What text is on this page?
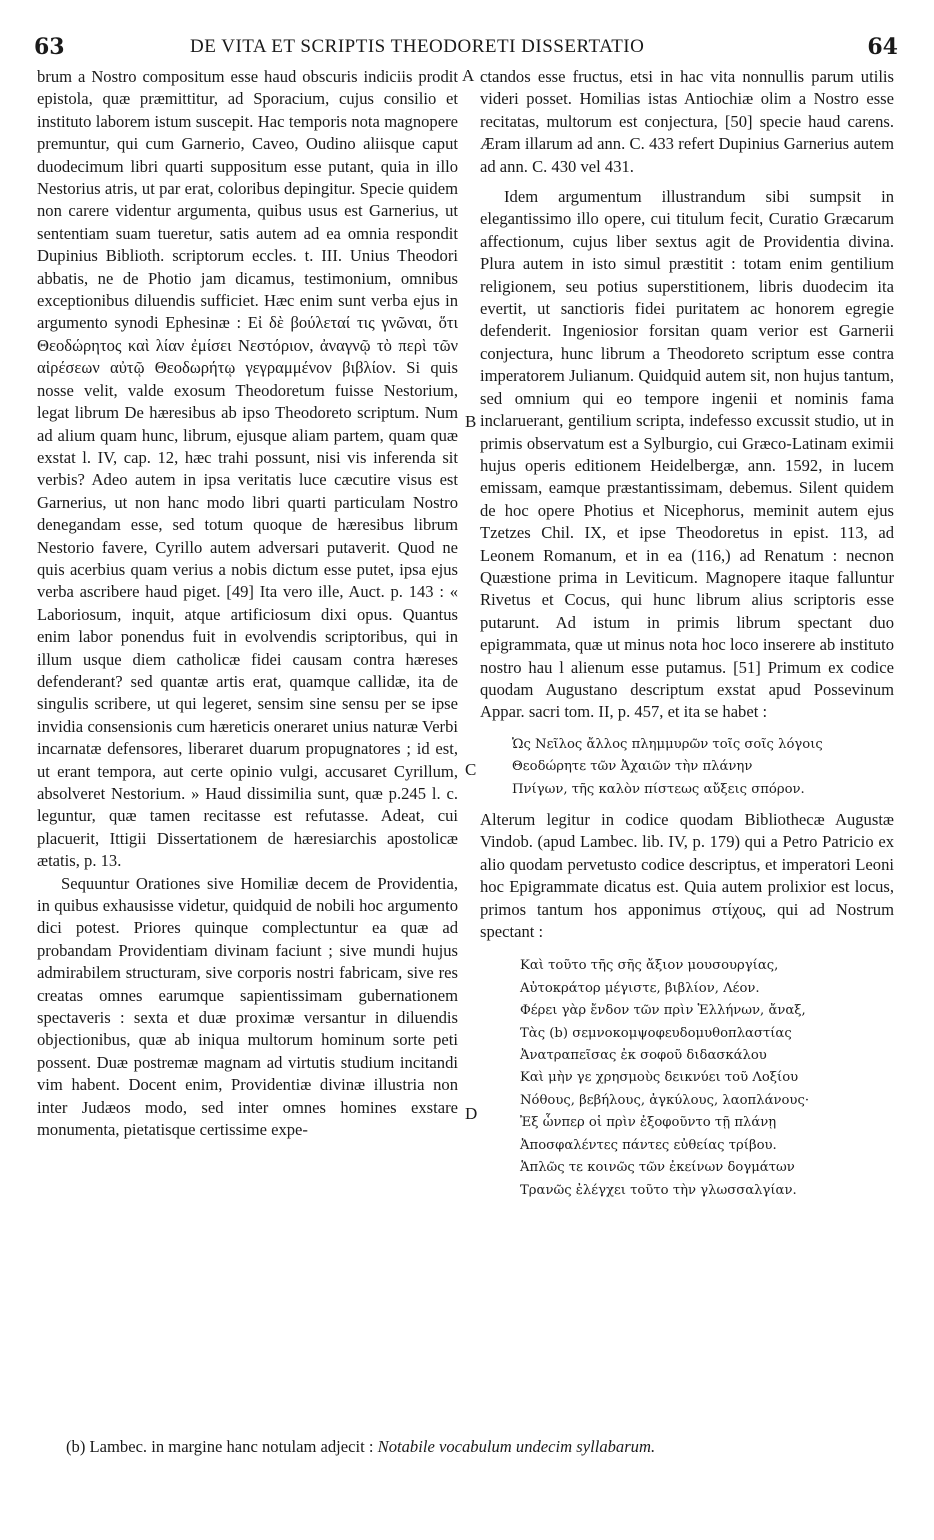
63	DE VITA ET SCRIPTIS THEODORETI DISSERTATIO	64
A
B
C
D

brum a Nostro compositum esse haud obscuris indiciis prodit epistola, quæ præmittitur, ad Sporacium, cujus consilio et instituto laborem istum suscepit. Hac temporis nota magnopere premuntur, qui cum Garnerio, Caveo, Oudino aliisque caput duodecimum libri quarti suppositum esse putant, quia in illo Nestorius atris, ut par erat, coloribus depingitur. Specie quidem non carere videntur argumenta, quibus usus est Garnerius, ut sententiam suam tueretur, satis autem ad ea omnia respondit Dupinius Biblioth. scriptorum eccles. t. III. Unius Theodori abbatis, ne de Photio jam dicamus, testimonium, omnibus exceptionibus diluendis sufficiet. Hæc enim sunt verba ejus in argumento synodi Ephesinæ : Εἰ δὲ βούλεταί τις γνῶναι, ὅτι Θεοδώρητος καὶ λίαν ἐμίσει Νεστόριον, ἀναγνῷ τὸ περὶ τῶν αἱρέσεων αὐτῷ Θεοδωρήτῳ γεγραμμένον βιβλίον. Si quis nosse velit, valde exosum Theodoretum fuisse Nestorium, legat librum De hæresibus ab ipso Theodoreto scriptum. Num ad alium quam hunc, librum, ejusque aliam partem, quam quæ exstat l. IV, cap. 12, hæc trahi possunt, nisi vis inferenda sit verbis? Adeo autem in ipsa veritatis luce cæcutire visus est Garnerius, ut non hanc modo libri quarti particulam Nostro denegandam esse, sed totum quoque de hæresibus librum Nestorio favere, Cyrillo autem adversari putaverit. Quod ne quis acerbius quam verius a nobis dictum esse putet, ipsa ejus verba ascribere haud piget. [49] Ita vero ille, Auct. p. 143 : « Laboriosum, inquit, atque artificiosum dixi opus. Quantus enim labor ponendus fuit in evolvendis scriptoribus, qui in illum usque diem catholicæ fidei causam contra hæreses defenderant? sed quantæ artis erat, quamque callidæ, ita de singulis scribere, ut qui legeret, sensim sine sensu per se ipse invidia consensionis cum hæreticis oneraret unius naturæ Verbi incarnatæ defensores, liberaret duarum propugnatores ; id est, ut erant tempora, aut certe opinio vulgi, accusaret Cyrillum, absolveret Nestorium. » Haud dissimilia sunt, quæ p.245 l. c. leguntur, quæ tamen recitasse est refutasse. Adeat, cui placuerit, Ittigii Dissertationem de hæresiarchis apostolicæ ætatis, p. 13.

Sequuntur Orationes sive Homiliæ decem de Providentia, in quibus exhausisse videtur, quidquid de nobili hoc argumento dici potest. Priores quinque complectuntur ea quæ ad probandam Providentiam divinam faciunt ; sive mundi hujus admirabilem structuram, sive corporis nostri fabricam, sive res creatas omnes earumque sapientissimam gubernationem spectaveris : sexta et duæ proximæ versantur in diluendis objectionibus, quæ ab iniqua multorum hominum sorte peti possent. Duæ postremæ magnam ad virtutis studium incitandi vim habent. Docent enim, Providentiæ divinæ illustria non inter Judæos modo, sed inter omnes homines exstare monumenta, pietatisque certissime expe-

ctandos esse fructus, etsi in hac vita nonnullis parum utilis videri posset. Homilias istas Antiochiæ olim a Nostro esse recitatas, multorum est conjectura, [50] specie haud carens. Æram illarum ad ann. C. 433 refert Dupinius Garnerius autem ad ann. C. 430 vel 431.

Idem argumentum illustrandum sibi sumpsit in elegantissimo illo opere, cui titulum fecit, Curatio Græcarum affectionum, cujus liber sextus agit de Providentia divina. Plura autem in isto simul præstitit : totam enim gentilium religionem, seu potius superstitionem, libris duodecim ita evertit, ut sanctioris fidei puritatem ac honorem egregie defenderit. Ingeniosior forsitan quam verior est Garnerii conjectura, hunc librum a Theodoreto scriptum esse contra imperatorem Julianum. Quidquid autem sit, non hujus tantum, sed omnium qui eo tempore ingenii et nominis fama inclaruerant, gentilium scripta, indefesso excussit studio, ut in primis observatum est a Sylburgio, cui Græco-Latinam eximii hujus operis editionem Heidelbergæ, ann. 1592, in lucem emissam, eamque præstantissimam, debemus. Silent quidem de hoc opere Photius et Nicephorus, meminit autem ejus Tzetzes Chil. IX, et ipse Theodoretus in epist. 113, ad Leonem Romanum, et in ea (116,) ad Renatum : necnon Quæstione prima in Leviticum. Magnopere itaque falluntur Rivetus et Cocus, qui hunc librum alius scriptoris esse putarunt. Ad istum in primis librum spectant duo epigrammata, quæ ut minus nota hoc loco inserere ab instituto nostro hau l alienum esse putamus. [51] Primum ex codice quodam Augustano descriptum exstat apud Possevinum Appar. sacri tom. II, p. 457, et ita se habet :

Ὡς Νεῖλος ἄλλος πλημμυρῶν τοῖς σοῖς λόγοις
Θεοδώρητε τῶν Ἀχαιῶν τὴν πλάνην
Πνίγων, τῆς καλὸν πίστεως αὔξεις σπόρον.

Alterum legitur in codice quodam Bibliothecæ Augustæ Vindob. (apud Lambec. lib. IV, p. 179) qui a Petro Patricio ex alio quodam pervetusto codice descriptus, et imperatori Leoni hoc Epigrammate dicatus est. Quia autem prolixior est locus, primos tantum hos apponimus στίχους, qui ad Nostrum spectant :

Καὶ τοῦτο τῆς σῆς ἄξιον μουσουργίας,
Αὐτοκράτορ μέγιστε, βιβλίον, Λέον.
Φέρει γὰρ ἔνδον τῶν πρὶν Ἑλλήνων, ἄναξ,
Τὰς (b) σεμνοκομψοφευδομυθοπλαστίας
Ἀνατραπεῖσας ἐκ σοφοῦ διδασκάλου
Καὶ μὴν γε χρησμοὺς δεικνύει τοῦ Λοξίου
Νόθους, βεβήλους, ἀγκύλους, λαοπλάνους·
Ἐξ ὧνπερ οἱ πρὶν ἐξοφοῦντο τῇ πλάνῃ
Ἀποσφαλέντες πάντες εὐθείας τρίβου.
Ἁπλῶς τε κοινῶς τῶν ἐκείνων δογμάτων
Τρανῶς ἐλέγχει τοῦτο τὴν γλωσσαλγίαν.
(b) Lambec. in margine hanc notulam adjecit : Notabile vocabulum undecim syllabarum.
